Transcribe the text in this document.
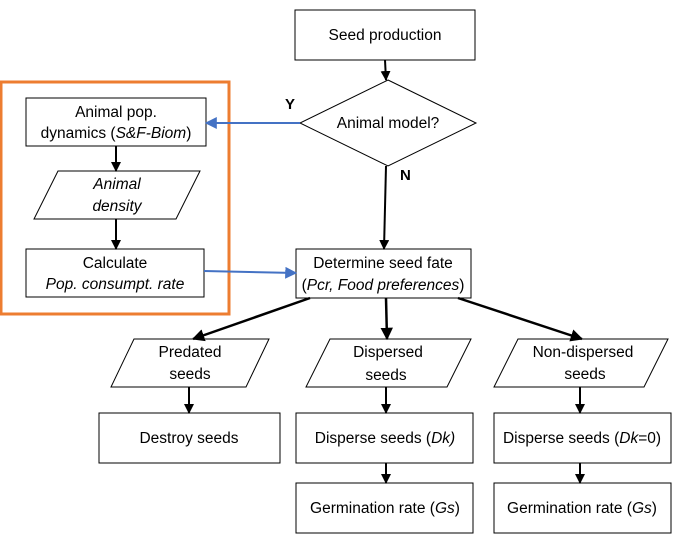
Seed production
Animal model?
Animal pop.
dynamics (S&F-Biom)
Animal
density
Calculate
Pop. consumpt. rate
Determine seed fate
(Pcr, Food preferences)
Predated
seeds
Dispersed
seeds
Non-dispersed
seeds
Destroy seeds	Disperse seeds (Dk)	Disperse seeds (Dk=0)
Germination rate (Gs)	Germination rate (Gs)
Y
N
